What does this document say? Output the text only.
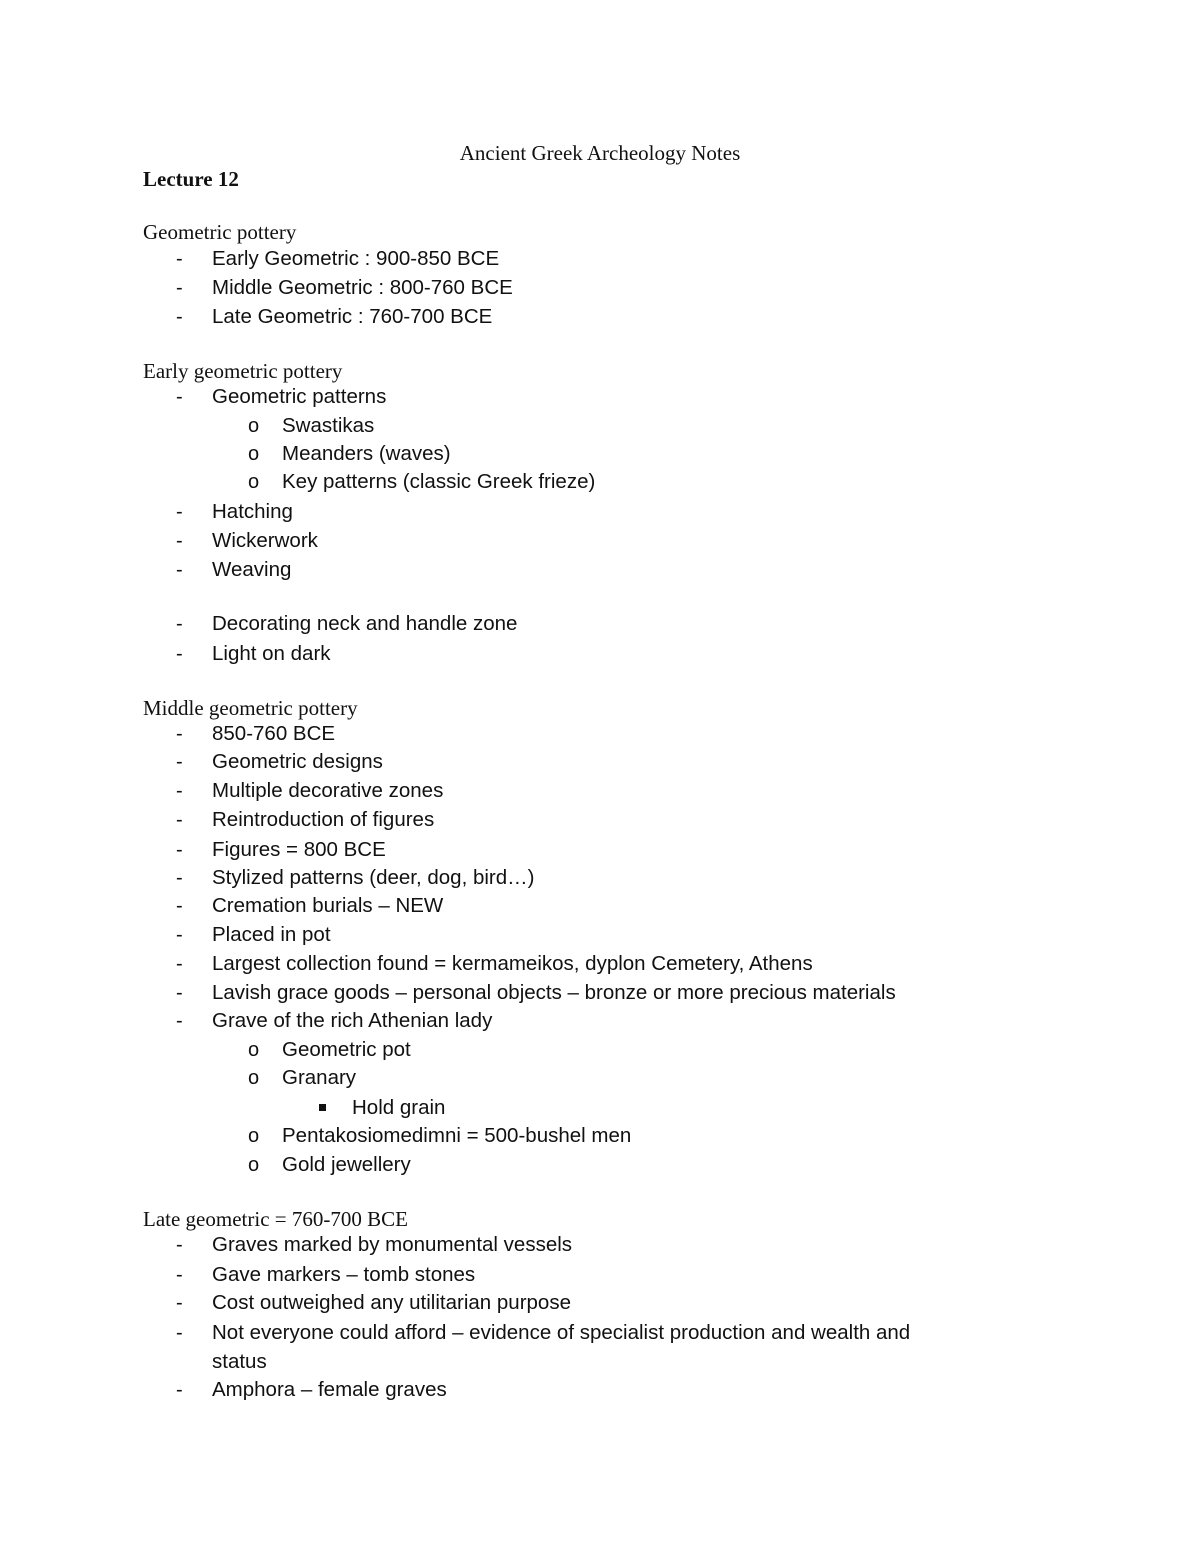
Ancient Greek Archeology Notes
Lecture 12
Geometric pottery
- Early Geometric : 900-850 BCE
- Middle Geometric : 800-760 BCE
- Late Geometric : 760-700 BCE
Early geometric pottery
- Geometric patterns
o Swastikas
o Meanders (waves)
o Key patterns (classic Greek frieze)
- Hatching
- Wickerwork
- Weaving
- Decorating neck and handle zone
- Light on dark
Middle geometric pottery
- 850-760 BCE
- Geometric designs
- Multiple decorative zones
- Reintroduction of figures
- Figures = 800 BCE
- Stylized patterns (deer, dog, bird…)
- Cremation burials – NEW
- Placed in pot
- Largest collection found = kermameikos, dyplon Cemetery, Athens
- Lavish grace goods – personal objects – bronze or more precious materials
- Grave of the rich Athenian lady
o Geometric pot
o Granary
Hold grain
o Pentakosiomedimni = 500-bushel men
o Gold jewellery
Late geometric = 760-700 BCE
- Graves marked by monumental vessels
- Gave markers – tomb stones
- Cost outweighed any utilitarian purpose
- Not everyone could afford – evidence of specialist production and wealth and
status
- Amphora – female graves
